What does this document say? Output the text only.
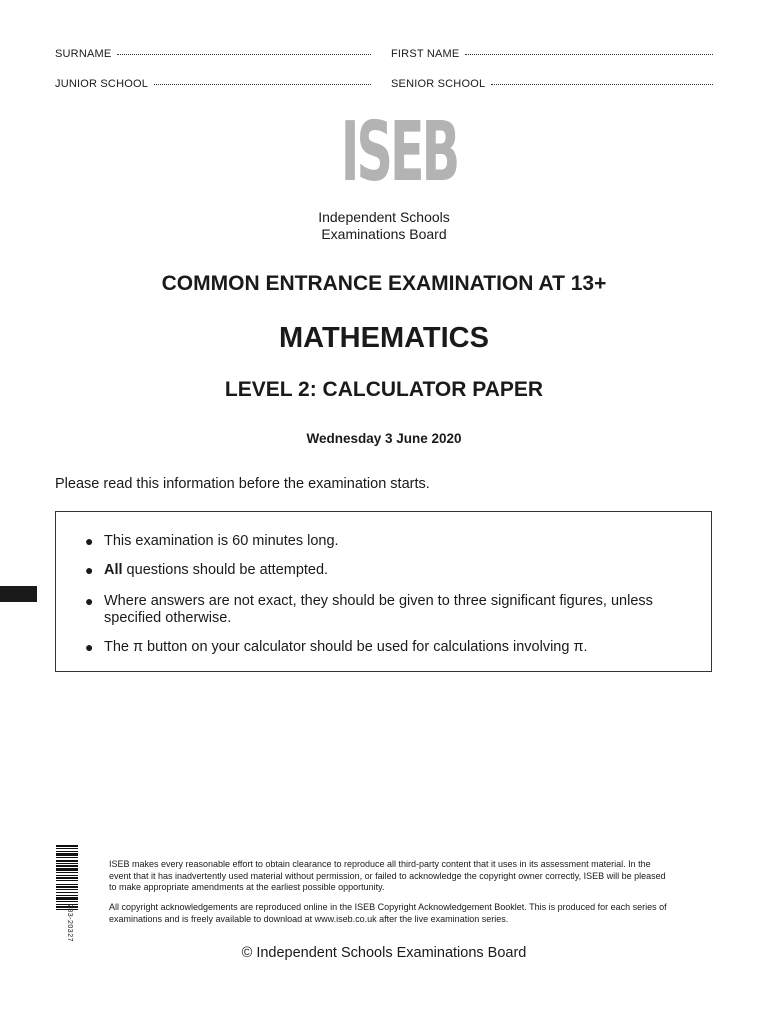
SURNAME	FIRST NAME
JUNIOR SCHOOL	SENIOR SCHOOL
ISEB
Independent Schools
Examinations Board
COMMON ENTRANCE EXAMINATION AT 13+
MATHEMATICS
LEVEL 2: CALCULATOR PAPER
Wednesday 3 June 2020
Please read this information before the examination starts.
● This examination is 60 minutes long.
● All questions should be attempted.
● Where answers are not exact, they should be given to three significant figures, unless specified otherwise.
● The π button on your calculator should be used for calculations involving π.
283-20327
ISEB makes every reasonable effort to obtain clearance to reproduce all third-party content that it uses in its assessment material. In the event that it has inadvertently used material without permission, or failed to acknowledge the copyright owner correctly, ISEB will be pleased to make appropriate amendments at the earliest possible opportunity.
All copyright acknowledgements are reproduced online in the ISEB Copyright Acknowledgement Booklet. This is produced for each series of examinations and is freely available to download at www.iseb.co.uk after the live examination series.
© Independent Schools Examinations Board
